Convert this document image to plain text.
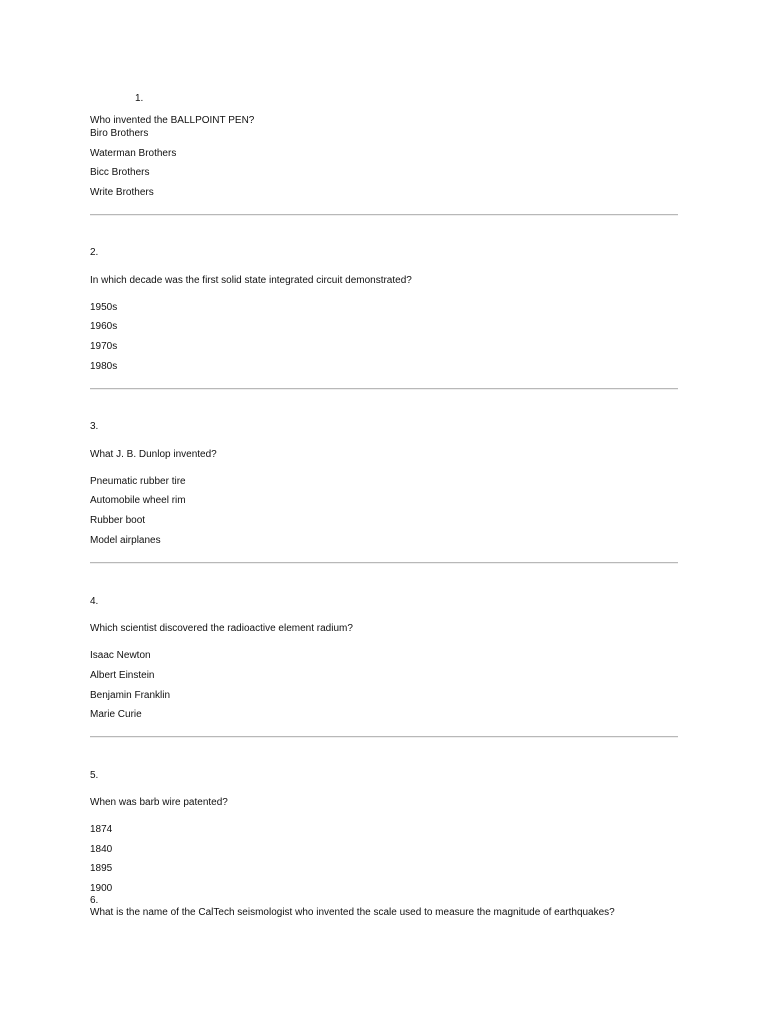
1.
Who invented the BALLPOINT PEN?
Biro Brothers
Waterman Brothers
Bicc Brothers
Write Brothers
2.
In which decade was the first solid state integrated circuit demonstrated?
1950s
1960s
1970s
1980s
3.
What J. B. Dunlop invented?
Pneumatic rubber tire
Automobile wheel rim
Rubber boot
Model airplanes
4.
Which scientist discovered the radioactive element radium?
Isaac Newton
Albert Einstein
Benjamin Franklin
Marie Curie
5.
When was barb wire patented?
1874
1840
1895
1900
6.
What is the name of the CalTech seismologist who invented the scale used to measure the magnitude of earthquakes?
